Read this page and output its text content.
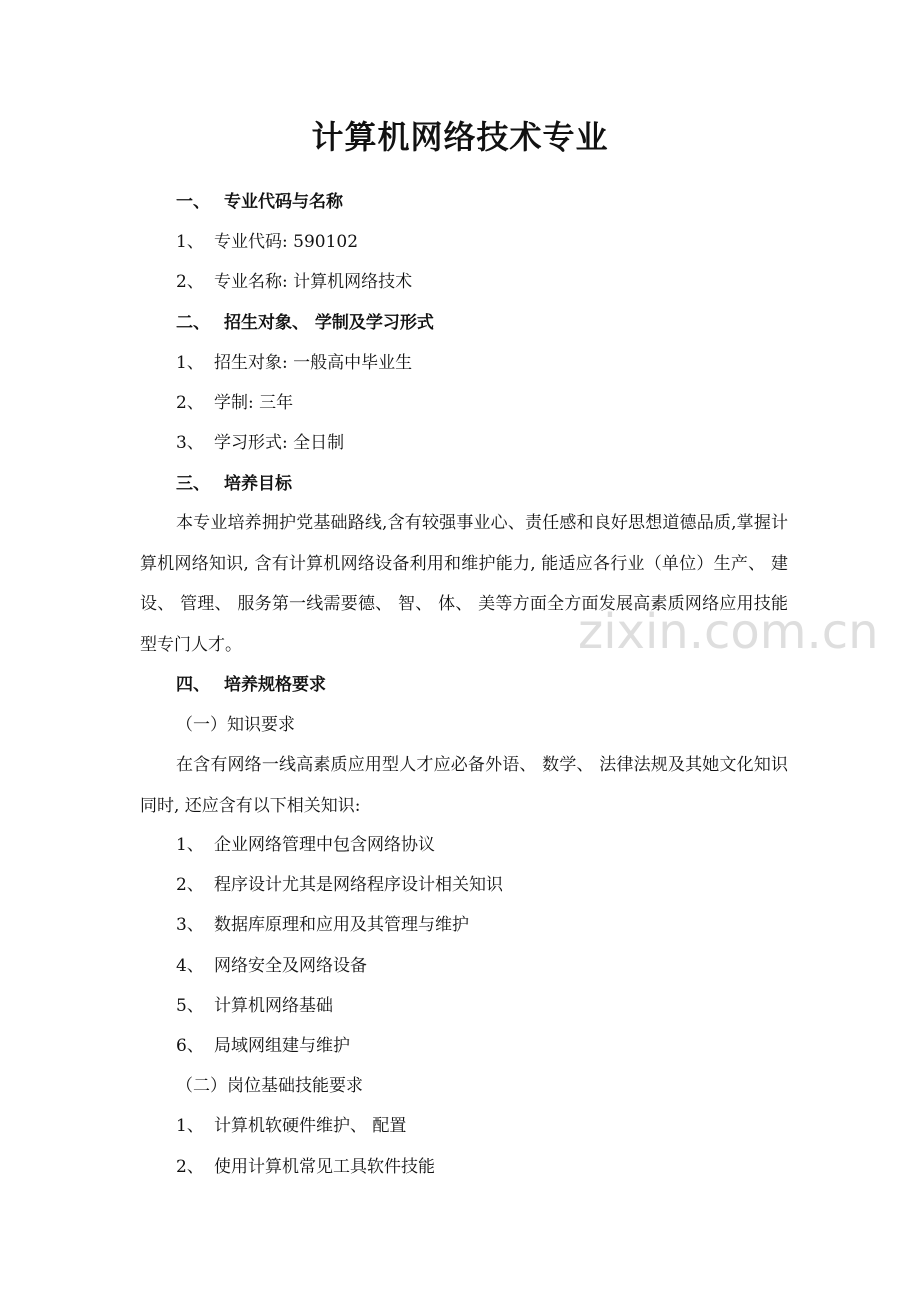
计算机网络技术专业
一、 专业代码与名称
1、 专业代码: 590102
2、 专业名称: 计算机网络技术
二、 招生对象、 学制及学习形式
1、 招生对象: 一般高中毕业生
2、 学制: 三年
3、 学习形式: 全日制
三、 培养目标
本专业培养拥护党基础路线,含有较强事业心、责任感和良好思想道德品质,掌握计算机网络知识, 含有计算机网络设备利用和维护能力, 能适应各行业（单位）生产、 建设、 管理、 服务第一线需要德、 智、 体、 美等方面全方面发展高素质网络应用技能型专门人才。
四、 培养规格要求
（一）知识要求
在含有网络一线高素质应用型人才应必备外语、 数学、 法律法规及其她文化知识同时, 还应含有以下相关知识:
1、 企业网络管理中包含网络协议
2、 程序设计尤其是网络程序设计相关知识
3、 数据库原理和应用及其管理与维护
4、 网络安全及网络设备
5、 计算机网络基础
6、 局域网组建与维护
（二）岗位基础技能要求
1、 计算机软硬件维护、 配置
2、 使用计算机常见工具软件技能
zixin.com.cn
